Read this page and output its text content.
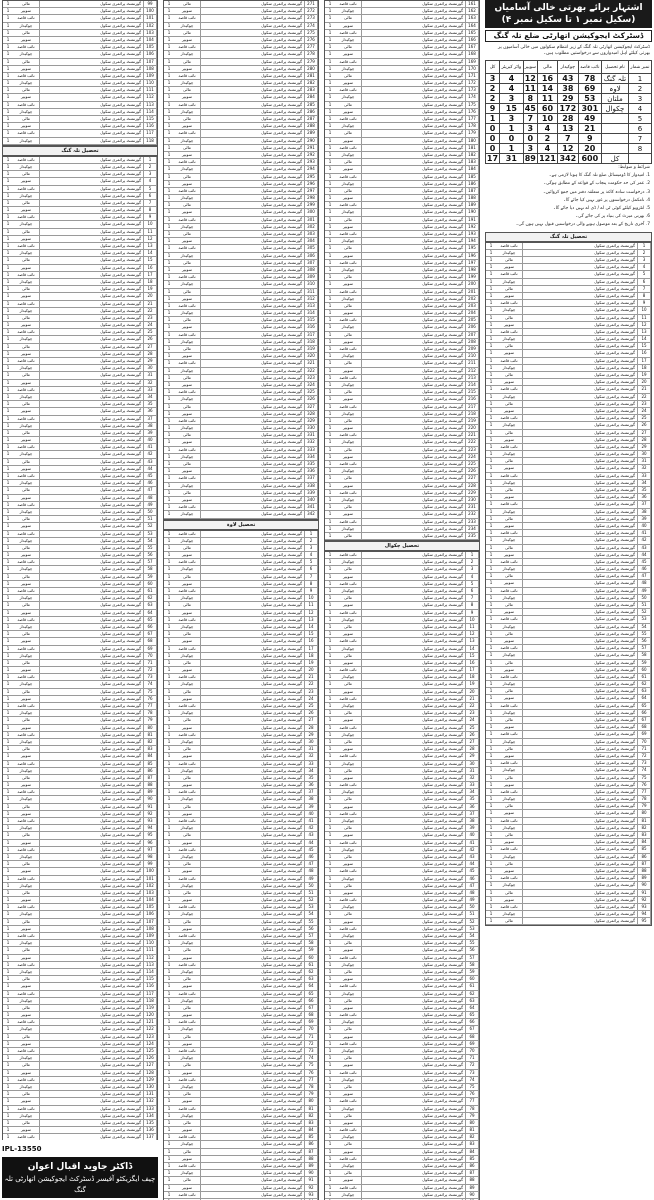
اشتہار برائے بھرتی خالی آسامیاں (سکیل نمبر ۱ تا سکیل نمبر ۴)
ڈسٹرکٹ ایجوکیشن اتھارٹی ضلع تلہ گنگ
ڈسٹرکٹ ایجوکیشن اتھارٹی تلہ گنگ کے زیر انتظام سکولوں میں خالی آسامیوں پر بھرتی کیلئے اہل امیدواروں سے درخواستیں مطلوب ہیں۔
کل	واٹر کیریئر	سویپر	مالی	چوکیدار	نائب قاصد	نام تحصیل	نمبر شمار
3	4	12	16	43	78	تلہ گنگ	1
2	4	11	14	38	69	لاوہ	2
2	3	8	11	29	53	ملتان	3
9	15	45	60	172	301	چکوال	4
1	3	7	10	28	49		5
0	1	3	4	13	21		6
0	0	0	2	7	9		7
0	1	3	4	12	20		8
17	31	89	121	342	600	کل	

شرائط و ضوابط:

1. امیدوار کا ڈومیسائل ضلع تلہ گنگ کا ہونا لازمی ہے۔

2. عمر کی حد حکومت پنجاب کے قواعد کے مطابق ہوگی۔

3. درخواست سادہ کاغذ پر متعلقہ دفتر میں جمع کروائیں۔

4. نامکمل درخواستوں پر غور نہیں کیا جائے گا۔

5. انٹرویو کیلئے کوئی ٹی اے / ڈی اے نہیں دیا جائے گا۔

6. بھرتی میرٹ کی بنیاد پر کی جائے گی۔

7. آخری تاریخ کے بعد موصول ہونے والی درخواستیں قبول نہیں ہوں گی۔

تحصیل تلہ گنگ
1	نائب قاصد	گورنمنٹ پرائمری سکول	1
1	چوکیدار	گورنمنٹ پرائمری سکول	2
1	مالی	گورنمنٹ پرائمری سکول	3
1	سویپر	گورنمنٹ پرائمری سکول	4
1	نائب قاصد	گورنمنٹ پرائمری سکول	5
1	چوکیدار	گورنمنٹ پرائمری سکول	6
1	مالی	گورنمنٹ پرائمری سکول	7
1	سویپر	گورنمنٹ پرائمری سکول	8
1	نائب قاصد	گورنمنٹ پرائمری سکول	9
1	چوکیدار	گورنمنٹ پرائمری سکول	10
1	مالی	گورنمنٹ پرائمری سکول	11
1	سویپر	گورنمنٹ پرائمری سکول	12
1	نائب قاصد	گورنمنٹ پرائمری سکول	13
1	چوکیدار	گورنمنٹ پرائمری سکول	14
1	مالی	گورنمنٹ پرائمری سکول	15
1	سویپر	گورنمنٹ پرائمری سکول	16
1	نائب قاصد	گورنمنٹ پرائمری سکول	17
1	چوکیدار	گورنمنٹ پرائمری سکول	18
1	مالی	گورنمنٹ پرائمری سکول	19
1	سویپر	گورنمنٹ پرائمری سکول	20
1	نائب قاصد	گورنمنٹ پرائمری سکول	21
1	چوکیدار	گورنمنٹ پرائمری سکول	22
1	مالی	گورنمنٹ پرائمری سکول	23
1	سویپر	گورنمنٹ پرائمری سکول	24
1	نائب قاصد	گورنمنٹ پرائمری سکول	25
1	چوکیدار	گورنمنٹ پرائمری سکول	26
1	مالی	گورنمنٹ پرائمری سکول	27
1	سویپر	گورنمنٹ پرائمری سکول	28
1	نائب قاصد	گورنمنٹ پرائمری سکول	29
1	چوکیدار	گورنمنٹ پرائمری سکول	30
1	مالی	گورنمنٹ پرائمری سکول	31
1	سویپر	گورنمنٹ پرائمری سکول	32
1	نائب قاصد	گورنمنٹ پرائمری سکول	33
1	چوکیدار	گورنمنٹ پرائمری سکول	34
1	مالی	گورنمنٹ پرائمری سکول	35
1	سویپر	گورنمنٹ پرائمری سکول	36
1	نائب قاصد	گورنمنٹ پرائمری سکول	37
1	چوکیدار	گورنمنٹ پرائمری سکول	38
1	مالی	گورنمنٹ پرائمری سکول	39
1	سویپر	گورنمنٹ پرائمری سکول	40
1	نائب قاصد	گورنمنٹ پرائمری سکول	41
1	چوکیدار	گورنمنٹ پرائمری سکول	42
1	مالی	گورنمنٹ پرائمری سکول	43
1	سویپر	گورنمنٹ پرائمری سکول	44
1	نائب قاصد	گورنمنٹ پرائمری سکول	45
1	چوکیدار	گورنمنٹ پرائمری سکول	46
1	مالی	گورنمنٹ پرائمری سکول	47
1	سویپر	گورنمنٹ پرائمری سکول	48
1	نائب قاصد	گورنمنٹ پرائمری سکول	49
1	چوکیدار	گورنمنٹ پرائمری سکول	50
1	مالی	گورنمنٹ پرائمری سکول	51
1	سویپر	گورنمنٹ پرائمری سکول	52
1	نائب قاصد	گورنمنٹ پرائمری سکول	53
1	چوکیدار	گورنمنٹ پرائمری سکول	54
1	مالی	گورنمنٹ پرائمری سکول	55
1	سویپر	گورنمنٹ پرائمری سکول	56
1	نائب قاصد	گورنمنٹ پرائمری سکول	57
1	چوکیدار	گورنمنٹ پرائمری سکول	58
1	مالی	گورنمنٹ پرائمری سکول	59
1	سویپر	گورنمنٹ پرائمری سکول	60
1	نائب قاصد	گورنمنٹ پرائمری سکول	61
1	چوکیدار	گورنمنٹ پرائمری سکول	62
1	مالی	گورنمنٹ پرائمری سکول	63
1	سویپر	گورنمنٹ پرائمری سکول	64
1	نائب قاصد	گورنمنٹ پرائمری سکول	65
1	چوکیدار	گورنمنٹ پرائمری سکول	66
1	مالی	گورنمنٹ پرائمری سکول	67
1	سویپر	گورنمنٹ پرائمری سکول	68
1	نائب قاصد	گورنمنٹ پرائمری سکول	69
1	چوکیدار	گورنمنٹ پرائمری سکول	70
1	مالی	گورنمنٹ پرائمری سکول	71
1	سویپر	گورنمنٹ پرائمری سکول	72
1	نائب قاصد	گورنمنٹ پرائمری سکول	73
1	چوکیدار	گورنمنٹ پرائمری سکول	74
1	مالی	گورنمنٹ پرائمری سکول	75
1	سویپر	گورنمنٹ پرائمری سکول	76
1	نائب قاصد	گورنمنٹ پرائمری سکول	77
1	چوکیدار	گورنمنٹ پرائمری سکول	78
1	مالی	گورنمنٹ پرائمری سکول	79
1	سویپر	گورنمنٹ پرائمری سکول	80
1	نائب قاصد	گورنمنٹ پرائمری سکول	81
1	چوکیدار	گورنمنٹ پرائمری سکول	82
1	مالی	گورنمنٹ پرائمری سکول	83
1	سویپر	گورنمنٹ پرائمری سکول	84
1	نائب قاصد	گورنمنٹ پرائمری سکول	85
1	چوکیدار	گورنمنٹ پرائمری سکول	86
1	مالی	گورنمنٹ پرائمری سکول	87
1	سویپر	گورنمنٹ پرائمری سکول	88
1	نائب قاصد	گورنمنٹ پرائمری سکول	89
1	چوکیدار	گورنمنٹ پرائمری سکول	90
1	مالی	گورنمنٹ پرائمری سکول	91
1	سویپر	گورنمنٹ پرائمری سکول	92
1	نائب قاصد	گورنمنٹ پرائمری سکول	93
1	چوکیدار	گورنمنٹ پرائمری سکول	94
1	مالی	گورنمنٹ پرائمری سکول	95
1	نائب قاصد	گورنمنٹ پرائمری سکول	161
1	چوکیدار	گورنمنٹ پرائمری سکول	162
1	مالی	گورنمنٹ پرائمری سکول	163
1	سویپر	گورنمنٹ پرائمری سکول	164
1	نائب قاصد	گورنمنٹ پرائمری سکول	165
1	چوکیدار	گورنمنٹ پرائمری سکول	166
1	مالی	گورنمنٹ پرائمری سکول	167
1	سویپر	گورنمنٹ پرائمری سکول	168
1	نائب قاصد	گورنمنٹ پرائمری سکول	169
1	چوکیدار	گورنمنٹ پرائمری سکول	170
1	مالی	گورنمنٹ پرائمری سکول	171
1	سویپر	گورنمنٹ پرائمری سکول	172
1	نائب قاصد	گورنمنٹ پرائمری سکول	173
1	چوکیدار	گورنمنٹ پرائمری سکول	174
1	مالی	گورنمنٹ پرائمری سکول	175
1	سویپر	گورنمنٹ پرائمری سکول	176
1	نائب قاصد	گورنمنٹ پرائمری سکول	177
1	چوکیدار	گورنمنٹ پرائمری سکول	178
1	مالی	گورنمنٹ پرائمری سکول	179
1	سویپر	گورنمنٹ پرائمری سکول	180
1	نائب قاصد	گورنمنٹ پرائمری سکول	181
1	چوکیدار	گورنمنٹ پرائمری سکول	182
1	مالی	گورنمنٹ پرائمری سکول	183
1	سویپر	گورنمنٹ پرائمری سکول	184
1	نائب قاصد	گورنمنٹ پرائمری سکول	185
1	چوکیدار	گورنمنٹ پرائمری سکول	186
1	مالی	گورنمنٹ پرائمری سکول	187
1	سویپر	گورنمنٹ پرائمری سکول	188
1	نائب قاصد	گورنمنٹ پرائمری سکول	189
1	چوکیدار	گورنمنٹ پرائمری سکول	190
1	مالی	گورنمنٹ پرائمری سکول	191
1	سویپر	گورنمنٹ پرائمری سکول	192
1	نائب قاصد	گورنمنٹ پرائمری سکول	193
1	چوکیدار	گورنمنٹ پرائمری سکول	194
1	مالی	گورنمنٹ پرائمری سکول	195
1	سویپر	گورنمنٹ پرائمری سکول	196
1	نائب قاصد	گورنمنٹ پرائمری سکول	197
1	چوکیدار	گورنمنٹ پرائمری سکول	198
1	مالی	گورنمنٹ پرائمری سکول	199
1	سویپر	گورنمنٹ پرائمری سکول	200
1	نائب قاصد	گورنمنٹ پرائمری سکول	201
1	چوکیدار	گورنمنٹ پرائمری سکول	202
1	مالی	گورنمنٹ پرائمری سکول	203
1	سویپر	گورنمنٹ پرائمری سکول	204
1	نائب قاصد	گورنمنٹ پرائمری سکول	205
1	چوکیدار	گورنمنٹ پرائمری سکول	206
1	مالی	گورنمنٹ پرائمری سکول	207
1	سویپر	گورنمنٹ پرائمری سکول	208
1	نائب قاصد	گورنمنٹ پرائمری سکول	209
1	چوکیدار	گورنمنٹ پرائمری سکول	210
1	مالی	گورنمنٹ پرائمری سکول	211
1	سویپر	گورنمنٹ پرائمری سکول	212
1	نائب قاصد	گورنمنٹ پرائمری سکول	213
1	چوکیدار	گورنمنٹ پرائمری سکول	214
1	مالی	گورنمنٹ پرائمری سکول	215
1	سویپر	گورنمنٹ پرائمری سکول	216
1	نائب قاصد	گورنمنٹ پرائمری سکول	217
1	چوکیدار	گورنمنٹ پرائمری سکول	218
1	مالی	گورنمنٹ پرائمری سکول	219
1	سویپر	گورنمنٹ پرائمری سکول	220
1	نائب قاصد	گورنمنٹ پرائمری سکول	221
1	چوکیدار	گورنمنٹ پرائمری سکول	222
1	مالی	گورنمنٹ پرائمری سکول	223
1	سویپر	گورنمنٹ پرائمری سکول	224
1	نائب قاصد	گورنمنٹ پرائمری سکول	225
1	چوکیدار	گورنمنٹ پرائمری سکول	226
1	مالی	گورنمنٹ پرائمری سکول	227
1	سویپر	گورنمنٹ پرائمری سکول	228
1	نائب قاصد	گورنمنٹ پرائمری سکول	229
1	چوکیدار	گورنمنٹ پرائمری سکول	230
1	مالی	گورنمنٹ پرائمری سکول	231
1	سویپر	گورنمنٹ پرائمری سکول	232
1	نائب قاصد	گورنمنٹ پرائمری سکول	233
1	چوکیدار	گورنمنٹ پرائمری سکول	234
1	مالی	گورنمنٹ پرائمری سکول	235
تحصیل چکوال
1	نائب قاصد	گورنمنٹ پرائمری سکول	1
1	چوکیدار	گورنمنٹ پرائمری سکول	2
1	مالی	گورنمنٹ پرائمری سکول	3
1	سویپر	گورنمنٹ پرائمری سکول	4
1	نائب قاصد	گورنمنٹ پرائمری سکول	5
1	چوکیدار	گورنمنٹ پرائمری سکول	6
1	مالی	گورنمنٹ پرائمری سکول	7
1	سویپر	گورنمنٹ پرائمری سکول	8
1	نائب قاصد	گورنمنٹ پرائمری سکول	9
1	چوکیدار	گورنمنٹ پرائمری سکول	10
1	مالی	گورنمنٹ پرائمری سکول	11
1	سویپر	گورنمنٹ پرائمری سکول	12
1	نائب قاصد	گورنمنٹ پرائمری سکول	13
1	چوکیدار	گورنمنٹ پرائمری سکول	14
1	مالی	گورنمنٹ پرائمری سکول	15
1	سویپر	گورنمنٹ پرائمری سکول	16
1	نائب قاصد	گورنمنٹ پرائمری سکول	17
1	چوکیدار	گورنمنٹ پرائمری سکول	18
1	مالی	گورنمنٹ پرائمری سکول	19
1	سویپر	گورنمنٹ پرائمری سکول	20
1	نائب قاصد	گورنمنٹ پرائمری سکول	21
1	چوکیدار	گورنمنٹ پرائمری سکول	22
1	مالی	گورنمنٹ پرائمری سکول	23
1	سویپر	گورنمنٹ پرائمری سکول	24
1	نائب قاصد	گورنمنٹ پرائمری سکول	25
1	چوکیدار	گورنمنٹ پرائمری سکول	26
1	مالی	گورنمنٹ پرائمری سکول	27
1	سویپر	گورنمنٹ پرائمری سکول	28
1	نائب قاصد	گورنمنٹ پرائمری سکول	29
1	چوکیدار	گورنمنٹ پرائمری سکول	30
1	مالی	گورنمنٹ پرائمری سکول	31
1	سویپر	گورنمنٹ پرائمری سکول	32
1	نائب قاصد	گورنمنٹ پرائمری سکول	33
1	چوکیدار	گورنمنٹ پرائمری سکول	34
1	مالی	گورنمنٹ پرائمری سکول	35
1	سویپر	گورنمنٹ پرائمری سکول	36
1	نائب قاصد	گورنمنٹ پرائمری سکول	37
1	چوکیدار	گورنمنٹ پرائمری سکول	38
1	مالی	گورنمنٹ پرائمری سکول	39
1	سویپر	گورنمنٹ پرائمری سکول	40
1	نائب قاصد	گورنمنٹ پرائمری سکول	41
1	چوکیدار	گورنمنٹ پرائمری سکول	42
1	مالی	گورنمنٹ پرائمری سکول	43
1	سویپر	گورنمنٹ پرائمری سکول	44
1	نائب قاصد	گورنمنٹ پرائمری سکول	45
1	چوکیدار	گورنمنٹ پرائمری سکول	46
1	مالی	گورنمنٹ پرائمری سکول	47
1	سویپر	گورنمنٹ پرائمری سکول	48
1	نائب قاصد	گورنمنٹ پرائمری سکول	49
1	چوکیدار	گورنمنٹ پرائمری سکول	50
1	مالی	گورنمنٹ پرائمری سکول	51
1	سویپر	گورنمنٹ پرائمری سکول	52
1	نائب قاصد	گورنمنٹ پرائمری سکول	53
1	چوکیدار	گورنمنٹ پرائمری سکول	54
1	مالی	گورنمنٹ پرائمری سکول	55
1	سویپر	گورنمنٹ پرائمری سکول	56
1	نائب قاصد	گورنمنٹ پرائمری سکول	57
1	چوکیدار	گورنمنٹ پرائمری سکول	58
1	مالی	گورنمنٹ پرائمری سکول	59
1	سویپر	گورنمنٹ پرائمری سکول	60
1	نائب قاصد	گورنمنٹ پرائمری سکول	61
1	چوکیدار	گورنمنٹ پرائمری سکول	62
1	مالی	گورنمنٹ پرائمری سکول	63
1	سویپر	گورنمنٹ پرائمری سکول	64
1	نائب قاصد	گورنمنٹ پرائمری سکول	65
1	چوکیدار	گورنمنٹ پرائمری سکول	66
1	مالی	گورنمنٹ پرائمری سکول	67
1	سویپر	گورنمنٹ پرائمری سکول	68
1	نائب قاصد	گورنمنٹ پرائمری سکول	69
1	چوکیدار	گورنمنٹ پرائمری سکول	70
1	مالی	گورنمنٹ پرائمری سکول	71
1	سویپر	گورنمنٹ پرائمری سکول	72
1	نائب قاصد	گورنمنٹ پرائمری سکول	73
1	چوکیدار	گورنمنٹ پرائمری سکول	74
1	مالی	گورنمنٹ پرائمری سکول	75
1	سویپر	گورنمنٹ پرائمری سکول	76
1	نائب قاصد	گورنمنٹ پرائمری سکول	77
1	چوکیدار	گورنمنٹ پرائمری سکول	78
1	مالی	گورنمنٹ پرائمری سکول	79
1	سویپر	گورنمنٹ پرائمری سکول	80
1	نائب قاصد	گورنمنٹ پرائمری سکول	81
1	چوکیدار	گورنمنٹ پرائمری سکول	82
1	مالی	گورنمنٹ پرائمری سکول	83
1	سویپر	گورنمنٹ پرائمری سکول	84
1	نائب قاصد	گورنمنٹ پرائمری سکول	85
1	چوکیدار	گورنمنٹ پرائمری سکول	86
1	مالی	گورنمنٹ پرائمری سکول	87
1	سویپر	گورنمنٹ پرائمری سکول	88
1	نائب قاصد	گورنمنٹ پرائمری سکول	89
1	چوکیدار	گورنمنٹ پرائمری سکول	90
1	مالی	گورنمنٹ پرائمری سکول	271
1	سویپر	گورنمنٹ پرائمری سکول	272
1	نائب قاصد	گورنمنٹ پرائمری سکول	273
1	چوکیدار	گورنمنٹ پرائمری سکول	274
1	مالی	گورنمنٹ پرائمری سکول	275
1	سویپر	گورنمنٹ پرائمری سکول	276
1	نائب قاصد	گورنمنٹ پرائمری سکول	277
1	چوکیدار	گورنمنٹ پرائمری سکول	278
1	مالی	گورنمنٹ پرائمری سکول	279
1	سویپر	گورنمنٹ پرائمری سکول	280
1	نائب قاصد	گورنمنٹ پرائمری سکول	281
1	چوکیدار	گورنمنٹ پرائمری سکول	282
1	مالی	گورنمنٹ پرائمری سکول	283
1	سویپر	گورنمنٹ پرائمری سکول	284
1	نائب قاصد	گورنمنٹ پرائمری سکول	285
1	چوکیدار	گورنمنٹ پرائمری سکول	286
1	مالی	گورنمنٹ پرائمری سکول	287
1	سویپر	گورنمنٹ پرائمری سکول	288
1	نائب قاصد	گورنمنٹ پرائمری سکول	289
1	چوکیدار	گورنمنٹ پرائمری سکول	290
1	مالی	گورنمنٹ پرائمری سکول	291
1	سویپر	گورنمنٹ پرائمری سکول	292
1	نائب قاصد	گورنمنٹ پرائمری سکول	293
1	چوکیدار	گورنمنٹ پرائمری سکول	294
1	مالی	گورنمنٹ پرائمری سکول	295
1	سویپر	گورنمنٹ پرائمری سکول	296
1	نائب قاصد	گورنمنٹ پرائمری سکول	297
1	چوکیدار	گورنمنٹ پرائمری سکول	298
1	مالی	گورنمنٹ پرائمری سکول	299
1	سویپر	گورنمنٹ پرائمری سکول	300
1	نائب قاصد	گورنمنٹ پرائمری سکول	301
1	چوکیدار	گورنمنٹ پرائمری سکول	302
1	مالی	گورنمنٹ پرائمری سکول	303
1	سویپر	گورنمنٹ پرائمری سکول	304
1	نائب قاصد	گورنمنٹ پرائمری سکول	305
1	چوکیدار	گورنمنٹ پرائمری سکول	306
1	مالی	گورنمنٹ پرائمری سکول	307
1	سویپر	گورنمنٹ پرائمری سکول	308
1	نائب قاصد	گورنمنٹ پرائمری سکول	309
1	چوکیدار	گورنمنٹ پرائمری سکول	310
1	مالی	گورنمنٹ پرائمری سکول	311
1	سویپر	گورنمنٹ پرائمری سکول	312
1	نائب قاصد	گورنمنٹ پرائمری سکول	313
1	چوکیدار	گورنمنٹ پرائمری سکول	314
1	مالی	گورنمنٹ پرائمری سکول	315
1	سویپر	گورنمنٹ پرائمری سکول	316
1	نائب قاصد	گورنمنٹ پرائمری سکول	317
1	چوکیدار	گورنمنٹ پرائمری سکول	318
1	مالی	گورنمنٹ پرائمری سکول	319
1	سویپر	گورنمنٹ پرائمری سکول	320
1	نائب قاصد	گورنمنٹ پرائمری سکول	321
1	چوکیدار	گورنمنٹ پرائمری سکول	322
1	مالی	گورنمنٹ پرائمری سکول	323
1	سویپر	گورنمنٹ پرائمری سکول	324
1	نائب قاصد	گورنمنٹ پرائمری سکول	325
1	چوکیدار	گورنمنٹ پرائمری سکول	326
1	مالی	گورنمنٹ پرائمری سکول	327
1	سویپر	گورنمنٹ پرائمری سکول	328
1	نائب قاصد	گورنمنٹ پرائمری سکول	329
1	چوکیدار	گورنمنٹ پرائمری سکول	330
1	مالی	گورنمنٹ پرائمری سکول	331
1	سویپر	گورنمنٹ پرائمری سکول	332
1	نائب قاصد	گورنمنٹ پرائمری سکول	333
1	چوکیدار	گورنمنٹ پرائمری سکول	334
1	مالی	گورنمنٹ پرائمری سکول	335
1	سویپر	گورنمنٹ پرائمری سکول	336
1	نائب قاصد	گورنمنٹ پرائمری سکول	337
1	چوکیدار	گورنمنٹ پرائمری سکول	338
1	مالی	گورنمنٹ پرائمری سکول	339
1	سویپر	گورنمنٹ پرائمری سکول	340
1	نائب قاصد	گورنمنٹ پرائمری سکول	341
1	چوکیدار	گورنمنٹ پرائمری سکول	342
تحصیل لاوہ
1	نائب قاصد	گورنمنٹ پرائمری سکول	1
1	چوکیدار	گورنمنٹ پرائمری سکول	2
1	مالی	گورنمنٹ پرائمری سکول	3
1	سویپر	گورنمنٹ پرائمری سکول	4
1	نائب قاصد	گورنمنٹ پرائمری سکول	5
1	چوکیدار	گورنمنٹ پرائمری سکول	6
1	مالی	گورنمنٹ پرائمری سکول	7
1	سویپر	گورنمنٹ پرائمری سکول	8
1	نائب قاصد	گورنمنٹ پرائمری سکول	9
1	چوکیدار	گورنمنٹ پرائمری سکول	10
1	مالی	گورنمنٹ پرائمری سکول	11
1	سویپر	گورنمنٹ پرائمری سکول	12
1	نائب قاصد	گورنمنٹ پرائمری سکول	13
1	چوکیدار	گورنمنٹ پرائمری سکول	14
1	مالی	گورنمنٹ پرائمری سکول	15
1	سویپر	گورنمنٹ پرائمری سکول	16
1	نائب قاصد	گورنمنٹ پرائمری سکول	17
1	چوکیدار	گورنمنٹ پرائمری سکول	18
1	مالی	گورنمنٹ پرائمری سکول	19
1	سویپر	گورنمنٹ پرائمری سکول	20
1	نائب قاصد	گورنمنٹ پرائمری سکول	21
1	چوکیدار	گورنمنٹ پرائمری سکول	22
1	مالی	گورنمنٹ پرائمری سکول	23
1	سویپر	گورنمنٹ پرائمری سکول	24
1	نائب قاصد	گورنمنٹ پرائمری سکول	25
1	چوکیدار	گورنمنٹ پرائمری سکول	26
1	مالی	گورنمنٹ پرائمری سکول	27
1	سویپر	گورنمنٹ پرائمری سکول	28
1	نائب قاصد	گورنمنٹ پرائمری سکول	29
1	چوکیدار	گورنمنٹ پرائمری سکول	30
1	مالی	گورنمنٹ پرائمری سکول	31
1	سویپر	گورنمنٹ پرائمری سکول	32
1	نائب قاصد	گورنمنٹ پرائمری سکول	33
1	چوکیدار	گورنمنٹ پرائمری سکول	34
1	مالی	گورنمنٹ پرائمری سکول	35
1	سویپر	گورنمنٹ پرائمری سکول	36
1	نائب قاصد	گورنمنٹ پرائمری سکول	37
1	چوکیدار	گورنمنٹ پرائمری سکول	38
1	مالی	گورنمنٹ پرائمری سکول	39
1	سویپر	گورنمنٹ پرائمری سکول	40
1	نائب قاصد	گورنمنٹ پرائمری سکول	41
1	چوکیدار	گورنمنٹ پرائمری سکول	42
1	مالی	گورنمنٹ پرائمری سکول	43
1	سویپر	گورنمنٹ پرائمری سکول	44
1	نائب قاصد	گورنمنٹ پرائمری سکول	45
1	چوکیدار	گورنمنٹ پرائمری سکول	46
1	مالی	گورنمنٹ پرائمری سکول	47
1	سویپر	گورنمنٹ پرائمری سکول	48
1	نائب قاصد	گورنمنٹ پرائمری سکول	49
1	چوکیدار	گورنمنٹ پرائمری سکول	50
1	مالی	گورنمنٹ پرائمری سکول	51
1	سویپر	گورنمنٹ پرائمری سکول	52
1	نائب قاصد	گورنمنٹ پرائمری سکول	53
1	چوکیدار	گورنمنٹ پرائمری سکول	54
1	مالی	گورنمنٹ پرائمری سکول	55
1	سویپر	گورنمنٹ پرائمری سکول	56
1	نائب قاصد	گورنمنٹ پرائمری سکول	57
1	چوکیدار	گورنمنٹ پرائمری سکول	58
1	مالی	گورنمنٹ پرائمری سکول	59
1	سویپر	گورنمنٹ پرائمری سکول	60
1	نائب قاصد	گورنمنٹ پرائمری سکول	61
1	چوکیدار	گورنمنٹ پرائمری سکول	62
1	مالی	گورنمنٹ پرائمری سکول	63
1	سویپر	گورنمنٹ پرائمری سکول	64
1	نائب قاصد	گورنمنٹ پرائمری سکول	65
1	چوکیدار	گورنمنٹ پرائمری سکول	66
1	مالی	گورنمنٹ پرائمری سکول	67
1	سویپر	گورنمنٹ پرائمری سکول	68
1	نائب قاصد	گورنمنٹ پرائمری سکول	69
1	چوکیدار	گورنمنٹ پرائمری سکول	70
1	مالی	گورنمنٹ پرائمری سکول	71
1	سویپر	گورنمنٹ پرائمری سکول	72
1	نائب قاصد	گورنمنٹ پرائمری سکول	73
1	چوکیدار	گورنمنٹ پرائمری سکول	74
1	مالی	گورنمنٹ پرائمری سکول	75
1	سویپر	گورنمنٹ پرائمری سکول	76
1	نائب قاصد	گورنمنٹ پرائمری سکول	77
1	چوکیدار	گورنمنٹ پرائمری سکول	78
1	مالی	گورنمنٹ پرائمری سکول	79
1	سویپر	گورنمنٹ پرائمری سکول	80
1	نائب قاصد	گورنمنٹ پرائمری سکول	81
1	چوکیدار	گورنمنٹ پرائمری سکول	82
1	مالی	گورنمنٹ پرائمری سکول	83
1	سویپر	گورنمنٹ پرائمری سکول	84
1	نائب قاصد	گورنمنٹ پرائمری سکول	85
1	چوکیدار	گورنمنٹ پرائمری سکول	86
1	مالی	گورنمنٹ پرائمری سکول	87
1	سویپر	گورنمنٹ پرائمری سکول	88
1	نائب قاصد	گورنمنٹ پرائمری سکول	89
1	چوکیدار	گورنمنٹ پرائمری سکول	90
1	مالی	گورنمنٹ پرائمری سکول	91
1	سویپر	گورنمنٹ پرائمری سکول	92
1	نائب قاصد	گورنمنٹ پرائمری سکول	93
1	مالی	گورنمنٹ پرائمری سکول	99
1	سویپر	گورنمنٹ پرائمری سکول	100
1	نائب قاصد	گورنمنٹ پرائمری سکول	101
1	چوکیدار	گورنمنٹ پرائمری سکول	102
1	مالی	گورنمنٹ پرائمری سکول	103
1	سویپر	گورنمنٹ پرائمری سکول	104
1	نائب قاصد	گورنمنٹ پرائمری سکول	105
1	چوکیدار	گورنمنٹ پرائمری سکول	106
1	مالی	گورنمنٹ پرائمری سکول	107
1	سویپر	گورنمنٹ پرائمری سکول	108
1	نائب قاصد	گورنمنٹ پرائمری سکول	109
1	چوکیدار	گورنمنٹ پرائمری سکول	110
1	مالی	گورنمنٹ پرائمری سکول	111
1	سویپر	گورنمنٹ پرائمری سکول	112
1	نائب قاصد	گورنمنٹ پرائمری سکول	113
1	چوکیدار	گورنمنٹ پرائمری سکول	114
1	مالی	گورنمنٹ پرائمری سکول	115
1	سویپر	گورنمنٹ پرائمری سکول	116
1	نائب قاصد	گورنمنٹ پرائمری سکول	117
1	چوکیدار	گورنمنٹ پرائمری سکول	118
تحصیل تلہ گنگ
1	نائب قاصد	گورنمنٹ پرائمری سکول	1
1	چوکیدار	گورنمنٹ پرائمری سکول	2
1	مالی	گورنمنٹ پرائمری سکول	3
1	سویپر	گورنمنٹ پرائمری سکول	4
1	نائب قاصد	گورنمنٹ پرائمری سکول	5
1	چوکیدار	گورنمنٹ پرائمری سکول	6
1	مالی	گورنمنٹ پرائمری سکول	7
1	سویپر	گورنمنٹ پرائمری سکول	8
1	نائب قاصد	گورنمنٹ پرائمری سکول	9
1	چوکیدار	گورنمنٹ پرائمری سکول	10
1	مالی	گورنمنٹ پرائمری سکول	11
1	سویپر	گورنمنٹ پرائمری سکول	12
1	نائب قاصد	گورنمنٹ پرائمری سکول	13
1	چوکیدار	گورنمنٹ پرائمری سکول	14
1	مالی	گورنمنٹ پرائمری سکول	15
1	سویپر	گورنمنٹ پرائمری سکول	16
1	نائب قاصد	گورنمنٹ پرائمری سکول	17
1	چوکیدار	گورنمنٹ پرائمری سکول	18
1	مالی	گورنمنٹ پرائمری سکول	19
1	سویپر	گورنمنٹ پرائمری سکول	20
1	نائب قاصد	گورنمنٹ پرائمری سکول	21
1	چوکیدار	گورنمنٹ پرائمری سکول	22
1	مالی	گورنمنٹ پرائمری سکول	23
1	سویپر	گورنمنٹ پرائمری سکول	24
1	نائب قاصد	گورنمنٹ پرائمری سکول	25
1	چوکیدار	گورنمنٹ پرائمری سکول	26
1	مالی	گورنمنٹ پرائمری سکول	27
1	سویپر	گورنمنٹ پرائمری سکول	28
1	نائب قاصد	گورنمنٹ پرائمری سکول	29
1	چوکیدار	گورنمنٹ پرائمری سکول	30
1	مالی	گورنمنٹ پرائمری سکول	31
1	سویپر	گورنمنٹ پرائمری سکول	32
1	نائب قاصد	گورنمنٹ پرائمری سکول	33
1	چوکیدار	گورنمنٹ پرائمری سکول	34
1	مالی	گورنمنٹ پرائمری سکول	35
1	سویپر	گورنمنٹ پرائمری سکول	36
1	نائب قاصد	گورنمنٹ پرائمری سکول	37
1	چوکیدار	گورنمنٹ پرائمری سکول	38
1	مالی	گورنمنٹ پرائمری سکول	39
1	سویپر	گورنمنٹ پرائمری سکول	40
1	نائب قاصد	گورنمنٹ پرائمری سکول	41
1	چوکیدار	گورنمنٹ پرائمری سکول	42
1	مالی	گورنمنٹ پرائمری سکول	43
1	سویپر	گورنمنٹ پرائمری سکول	44
1	نائب قاصد	گورنمنٹ پرائمری سکول	45
1	چوکیدار	گورنمنٹ پرائمری سکول	46
1	مالی	گورنمنٹ پرائمری سکول	47
1	سویپر	گورنمنٹ پرائمری سکول	48
1	نائب قاصد	گورنمنٹ پرائمری سکول	49
1	چوکیدار	گورنمنٹ پرائمری سکول	50
1	مالی	گورنمنٹ پرائمری سکول	51
1	سویپر	گورنمنٹ پرائمری سکول	52
1	نائب قاصد	گورنمنٹ پرائمری سکول	53
1	چوکیدار	گورنمنٹ پرائمری سکول	54
1	مالی	گورنمنٹ پرائمری سکول	55
1	سویپر	گورنمنٹ پرائمری سکول	56
1	نائب قاصد	گورنمنٹ پرائمری سکول	57
1	چوکیدار	گورنمنٹ پرائمری سکول	58
1	مالی	گورنمنٹ پرائمری سکول	59
1	سویپر	گورنمنٹ پرائمری سکول	60
1	نائب قاصد	گورنمنٹ پرائمری سکول	61
1	چوکیدار	گورنمنٹ پرائمری سکول	62
1	مالی	گورنمنٹ پرائمری سکول	63
1	سویپر	گورنمنٹ پرائمری سکول	64
1	نائب قاصد	گورنمنٹ پرائمری سکول	65
1	چوکیدار	گورنمنٹ پرائمری سکول	66
1	مالی	گورنمنٹ پرائمری سکول	67
1	سویپر	گورنمنٹ پرائمری سکول	68
1	نائب قاصد	گورنمنٹ پرائمری سکول	69
1	چوکیدار	گورنمنٹ پرائمری سکول	70
1	مالی	گورنمنٹ پرائمری سکول	71
1	سویپر	گورنمنٹ پرائمری سکول	72
1	نائب قاصد	گورنمنٹ پرائمری سکول	73
1	چوکیدار	گورنمنٹ پرائمری سکول	74
1	مالی	گورنمنٹ پرائمری سکول	75
1	سویپر	گورنمنٹ پرائمری سکول	76
1	نائب قاصد	گورنمنٹ پرائمری سکول	77
1	چوکیدار	گورنمنٹ پرائمری سکول	78
1	مالی	گورنمنٹ پرائمری سکول	79
1	سویپر	گورنمنٹ پرائمری سکول	80
1	نائب قاصد	گورنمنٹ پرائمری سکول	81
1	چوکیدار	گورنمنٹ پرائمری سکول	82
1	مالی	گورنمنٹ پرائمری سکول	83
1	سویپر	گورنمنٹ پرائمری سکول	84
1	نائب قاصد	گورنمنٹ پرائمری سکول	85
1	چوکیدار	گورنمنٹ پرائمری سکول	86
1	مالی	گورنمنٹ پرائمری سکول	87
1	سویپر	گورنمنٹ پرائمری سکول	88
1	نائب قاصد	گورنمنٹ پرائمری سکول	89
1	چوکیدار	گورنمنٹ پرائمری سکول	90
1	مالی	گورنمنٹ پرائمری سکول	91
1	سویپر	گورنمنٹ پرائمری سکول	92
1	نائب قاصد	گورنمنٹ پرائمری سکول	93
1	چوکیدار	گورنمنٹ پرائمری سکول	94
1	مالی	گورنمنٹ پرائمری سکول	95
1	سویپر	گورنمنٹ پرائمری سکول	96
1	نائب قاصد	گورنمنٹ پرائمری سکول	97
1	چوکیدار	گورنمنٹ پرائمری سکول	98
1	مالی	گورنمنٹ پرائمری سکول	99
1	سویپر	گورنمنٹ پرائمری سکول	100
1	نائب قاصد	گورنمنٹ پرائمری سکول	101
1	چوکیدار	گورنمنٹ پرائمری سکول	102
1	مالی	گورنمنٹ پرائمری سکول	103
1	سویپر	گورنمنٹ پرائمری سکول	104
1	نائب قاصد	گورنمنٹ پرائمری سکول	105
1	چوکیدار	گورنمنٹ پرائمری سکول	106
1	مالی	گورنمنٹ پرائمری سکول	107
1	سویپر	گورنمنٹ پرائمری سکول	108
1	نائب قاصد	گورنمنٹ پرائمری سکول	109
1	چوکیدار	گورنمنٹ پرائمری سکول	110
1	مالی	گورنمنٹ پرائمری سکول	111
1	سویپر	گورنمنٹ پرائمری سکول	112
1	نائب قاصد	گورنمنٹ پرائمری سکول	113
1	چوکیدار	گورنمنٹ پرائمری سکول	114
1	مالی	گورنمنٹ پرائمری سکول	115
1	سویپر	گورنمنٹ پرائمری سکول	116
1	نائب قاصد	گورنمنٹ پرائمری سکول	117
1	چوکیدار	گورنمنٹ پرائمری سکول	118
1	مالی	گورنمنٹ پرائمری سکول	119
1	سویپر	گورنمنٹ پرائمری سکول	120
1	نائب قاصد	گورنمنٹ پرائمری سکول	121
1	چوکیدار	گورنمنٹ پرائمری سکول	122
1	مالی	گورنمنٹ پرائمری سکول	123
1	سویپر	گورنمنٹ پرائمری سکول	124
1	نائب قاصد	گورنمنٹ پرائمری سکول	125
1	چوکیدار	گورنمنٹ پرائمری سکول	126
1	مالی	گورنمنٹ پرائمری سکول	127
1	سویپر	گورنمنٹ پرائمری سکول	128
1	نائب قاصد	گورنمنٹ پرائمری سکول	129
1	چوکیدار	گورنمنٹ پرائمری سکول	130
1	مالی	گورنمنٹ پرائمری سکول	131
1	سویپر	گورنمنٹ پرائمری سکول	132
1	نائب قاصد	گورنمنٹ پرائمری سکول	133
1	چوکیدار	گورنمنٹ پرائمری سکول	134
1	مالی	گورنمنٹ پرائمری سکول	135
1	سویپر	گورنمنٹ پرائمری سکول	136
1	نائب قاصد	گورنمنٹ پرائمری سکول	137
IPL-13550
ڈاکٹر جاوید اقبال اعوان
چیف ایگزیکٹو آفیسر ڈسٹرکٹ ایجوکیشن اتھارٹی تلہ گنگ
